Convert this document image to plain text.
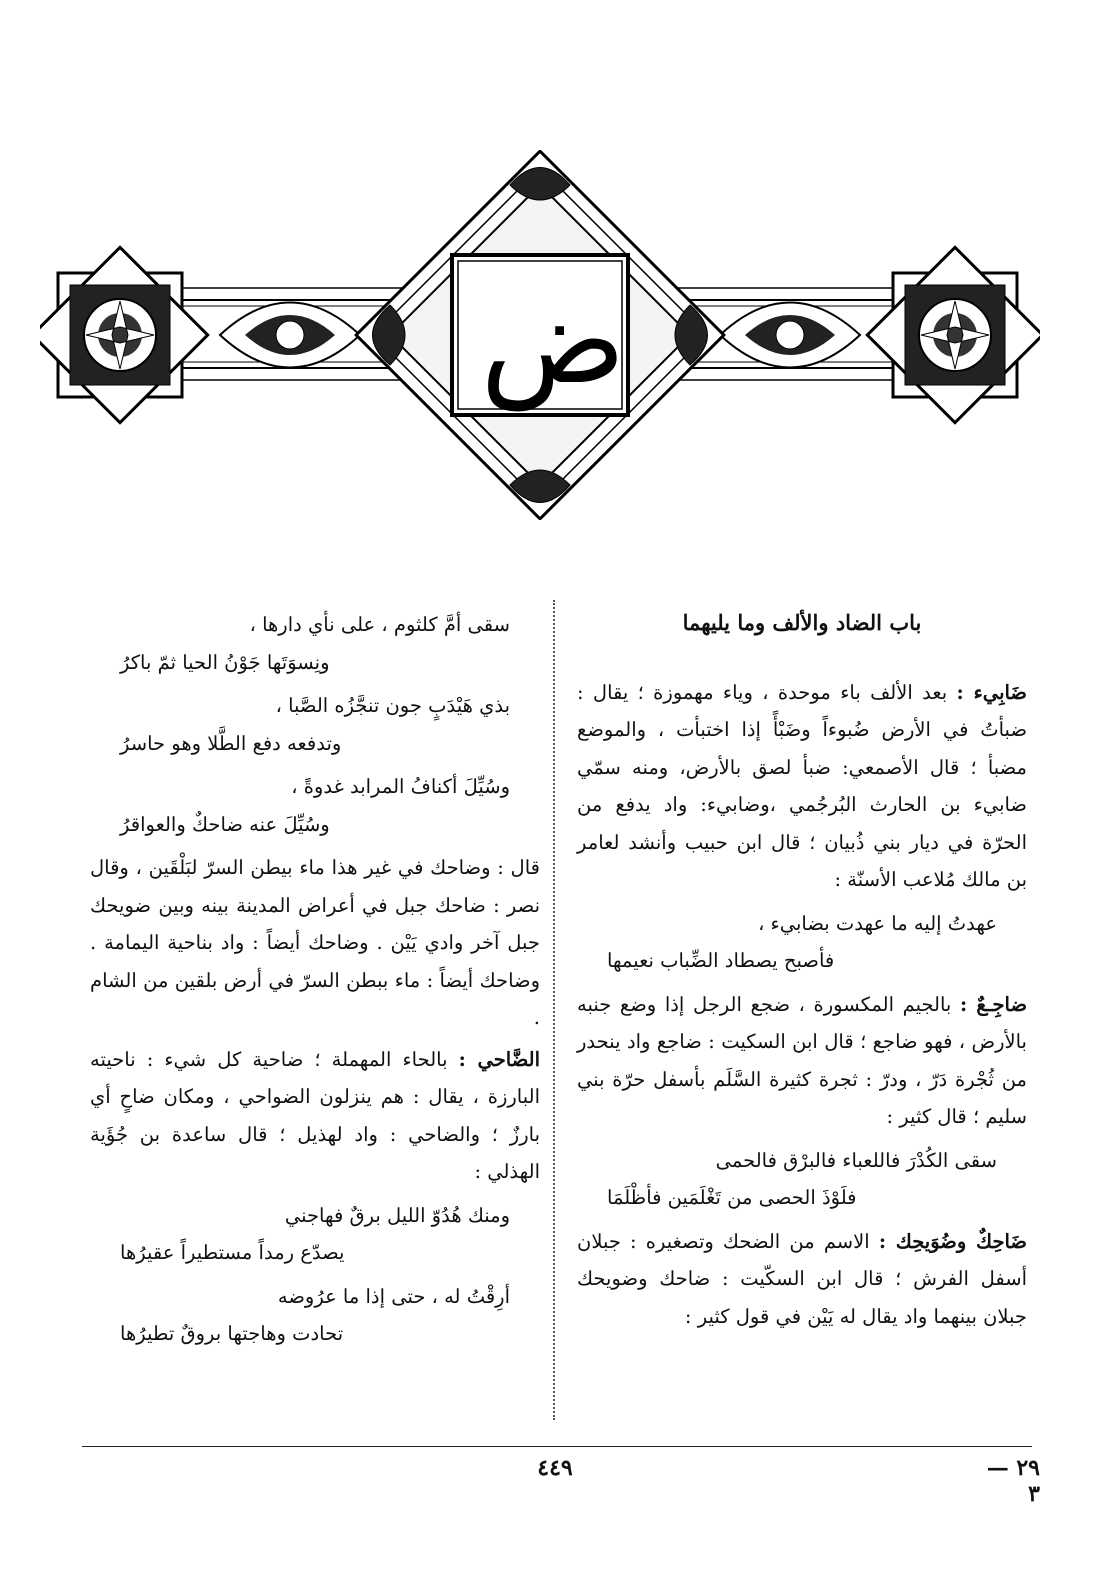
ض
باب الضاد والألف وما يليهما

ضَابِيء : بعد الألف باء موحدة ، وياء مهموزة ؛ يقال : ضبأتُ في الأرض ضُبوءاً وضَبْأً إذا اختبأت ، والموضع مضبأ ؛ قال الأصمعي: ضبأ لصق بالأرض، ومنه سمّي ضابيء بن الحارث البُرجُمي ،وضابيء: واد يدفع من الحرّة في ديار بني ذُبيان ؛ قال ابن حبيب وأنشد لعامر بن مالك مُلاعب الأسنّة :

عهدتُ إليه ما عهدت بضابيء ،
فأصبح يصطاد الضِّباب نعيمها

ضاجِـعٌ : بالجيم المكسورة ، ضجع الرجل إذا وضع جنبه بالأرض ، فهو ضاجع ؛ قال ابن السكيت : ضاجع واد ينحدر من ثُجْرة دَرّ ، ودرّ : ثجرة كثيرة السَّلَم بأسفل حرّة بني سليم ؛ قال كثير :

سقى الكُدْرَ فاللعباء فالبرْق فالحمى
فلَوْذَ الحصى من تَغْلَمَين فأظْلَمَا

ضَاحِكٌ وضُوَيحِك : الاسم من الضحك وتصغيره : جبلان أسفل الفرش ؛ قال ابن السكّيت : ضاحك وضويحك جبلان بينهما واد يقال له يَيْن في قول كثير :

سقى أمَّ كلثوم ، على نأي دارها ،
ونِسوَتَها جَوْنُ الحيا ثمّ باكرُ
بذي هَيْدَبٍ جون تنجَّزُه الصَّبا ،
وتدفعه دفع الطَّلا وهو حاسرُ
وسُيِّلَ أكنافُ المرابد غدوةً ،
وسُيِّلَ عنه ضاحكٌ والعواقرُ

قال : وضاحك في غير هذا ماء بيطن السرّ لبَلْقَين ، وقال نصر : ضاحك جبل في أعراض المدينة بينه وبين ضويحك جبل آخر وادي يَيْن . وضاحك أيضاً : واد بناحية اليمامة . وضاحك أيضاً : ماء ببطن السرّ في أرض بلقين من الشام .

الضَّاحي : بالحاء المهملة ؛ ضاحية كل شيء : ناحيته البارزة ، يقال : هم ينزلون الضواحي ، ومكان ضاحٍ أي بارزٌ ؛ والضاحي : واد لهذيل ؛ قال ساعدة بن جُؤَية الهذلي :

ومنك هُدُوّ الليل برقٌ فهاجني
يصدّع رمداً مستطيراً عقيرُها
أرِقْتُ له ، حتى إذا ما عرُوضه
تحادت وهاجتها بروقٌ تطيرُها
٤٤٩	٢٩ — ٣
